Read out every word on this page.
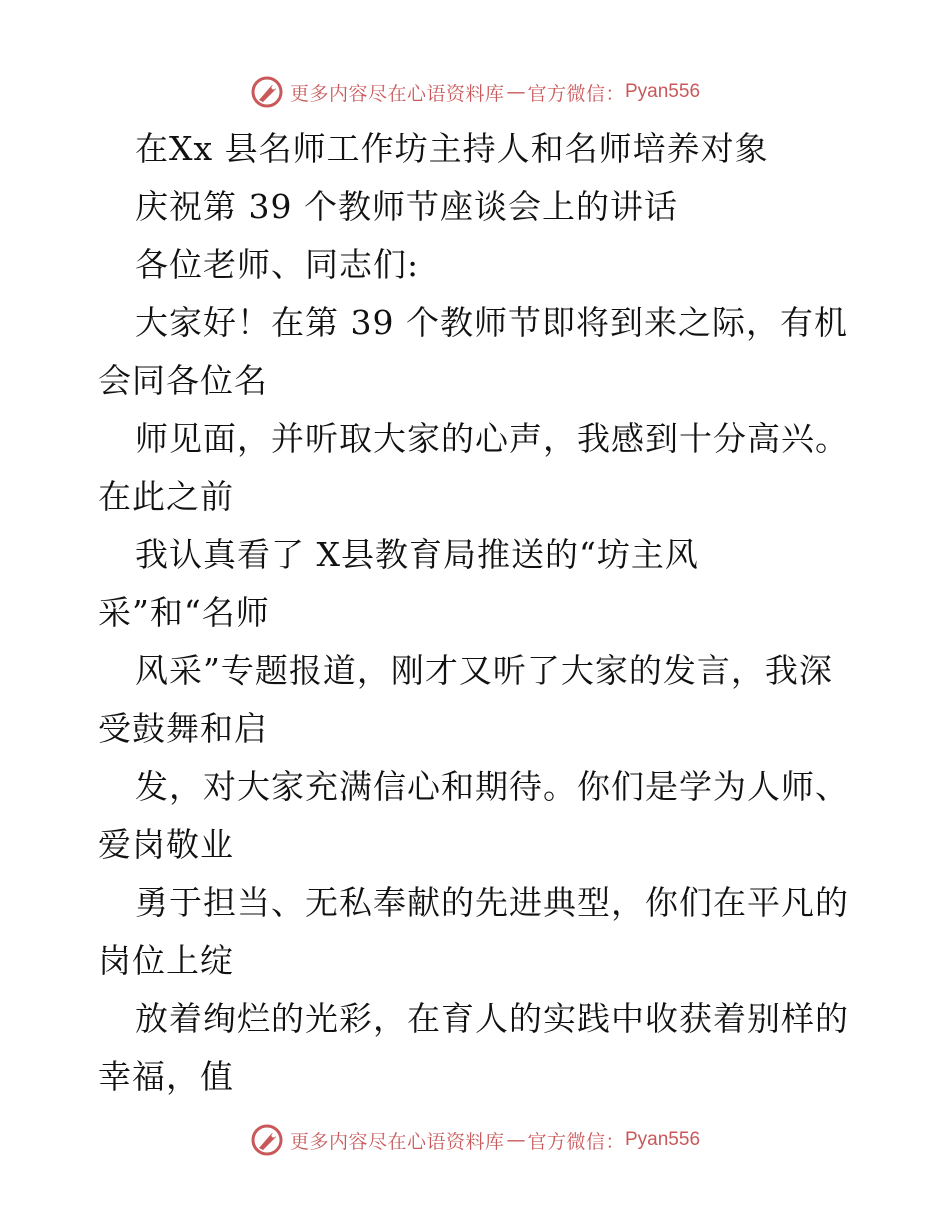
更多内容尽在心语资料库 — 官方微信： Pyan556
在Xx 县名师工作坊主持人和名师培养对象
庆祝第 39 个教师节座谈会上的讲话
各位老师、同志们:
大家好！在第 39 个教师节即将到来之际，有机
会同各位名
师见面，并听取大家的心声，我感到十分高兴。
在此之前
我认真看了 X县教育局推送的“坊主风
采”和“名师
风采”专题报道，刚才又听了大家的发言，我深
受鼓舞和启
发，对大家充满信心和期待。你们是学为人师、
爱岗敬业
勇于担当、无私奉献的先进典型，你们在平凡的
岗位上绽
放着绚烂的光彩，在育人的实践中收获着别样的
幸福，值
更多内容尽在心语资料库 — 官方微信： Pyan556
